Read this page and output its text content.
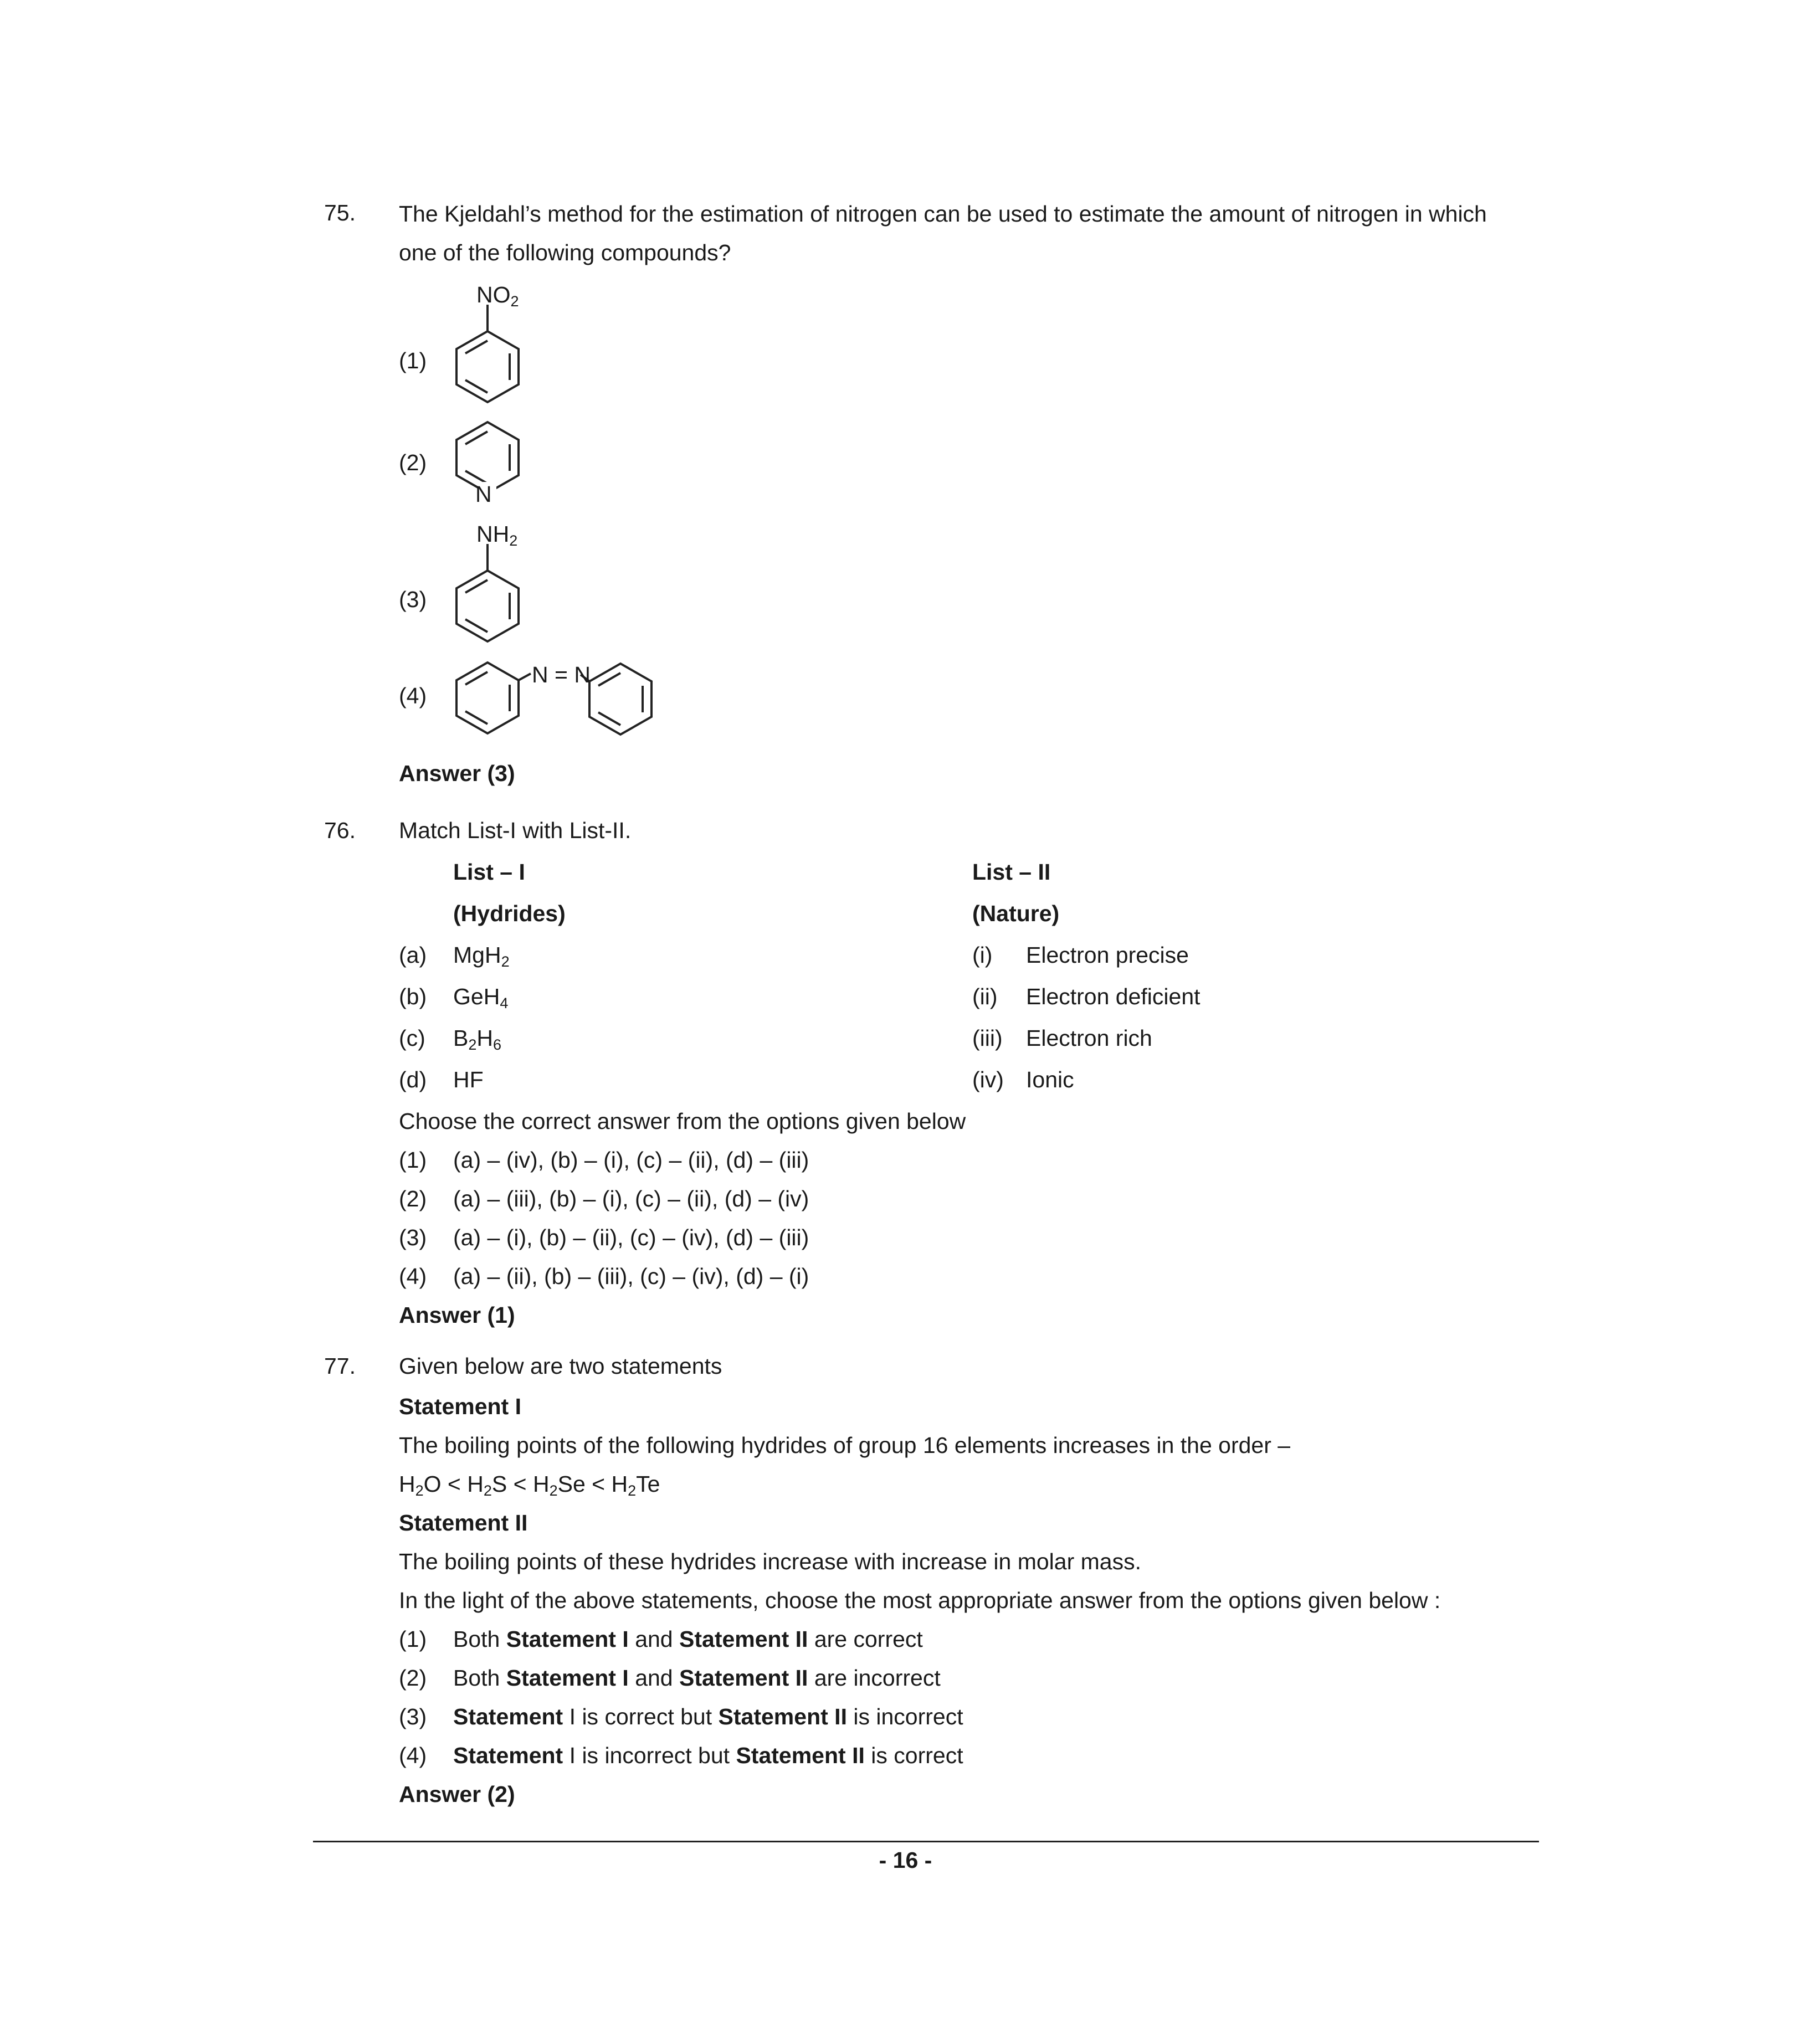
75. The Kjeldahl’s method for the estimation of nitrogen can be used to estimate the amount of nitrogen in which
one of the following compounds?
(1)
$NO_2$
(2)
N
(3)
$NH_2$
(4)
N = N
Answer (3)
76. Match List-I with List-II.
List – I
(Hydrides)
List – II
(Nature)
(a) MgH$_2$
(b) GeH$_4$
(c) $B_2H_6$
(d) HF
(i) Electron precise
(ii) Electron deficient
(iii) Electron rich
(iv) Ionic
Choose the correct answer from the options given below
(1) (a) – (iv), (b) – (i), (c) – (ii), (d) – (iii)
(2) (a) – (iii), (b) – (i), (c) – (ii), (d) – (iv)
(3) (a) – (i), (b) – (ii), (c) – (iv), (d) – (iii)
(4) (a) – (ii), (b) – (iii), (c) – (iv), (d) – (i)
Answer (1)
77. Given below are two statements
Statement I
The boiling points of the following hydrides of group 16 elements increases in the order –
$H_2O < H_2S < H_2Se < H_2Te$
Statement II
The boiling points of these hydrides increase with increase in molar mass.
In the light of the above statements, choose the most appropriate answer from the options given below :
(1) Both Statement I and Statement II are correct
(2) Both Statement I and Statement II are incorrect
(3) Statement I is correct but Statement II is incorrect
(4) Statement I is incorrect but Statement II is correct
Answer (2)
- 16 -
